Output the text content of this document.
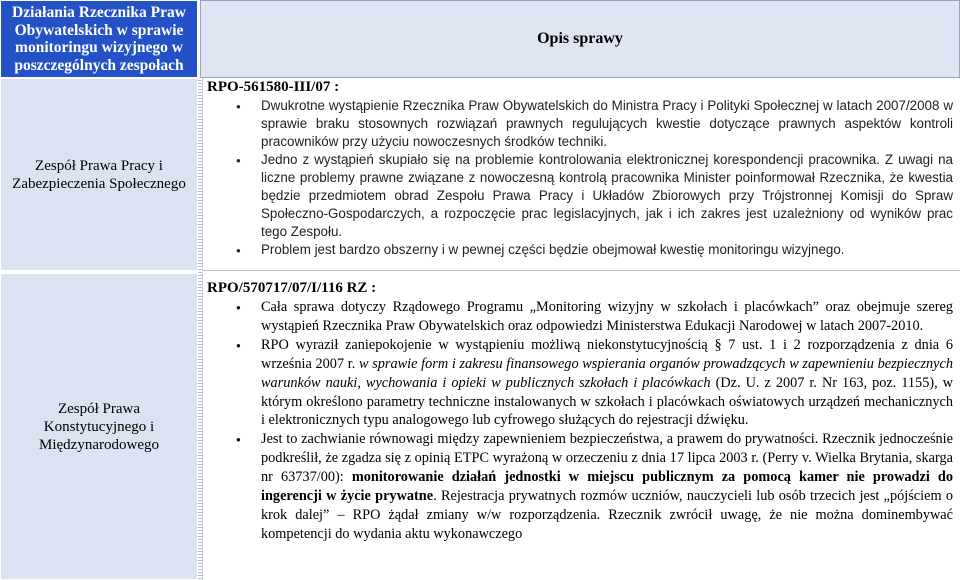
Działania Rzecznika Praw Obywatelskich w sprawie monitoringu wizyjnego w poszczególnych zespołach
Opis sprawy
Zespół Prawa Pracy i Zabezpieczenia Społecznego

RPO-561580-III/07 :

● Dwukrotne wystąpienie Rzecznika Praw Obywatelskich do Ministra Pracy i Polityki Społecznej w latach 2007/2008 w sprawie braku stosownych rozwiązań prawnych regulujących kwestie dotyczące prawnych aspektów kontroli pracowników przy użyciu nowoczesnych środków techniki.
● Jedno z wystąpień skupiało się na problemie kontrolowania elektronicznej korespondencji pracownika. Z uwagi na liczne problemy prawne związane z nowoczesną kontrolą pracownika Minister poinformował Rzecznika, że kwestia będzie przedmiotem obrad Zespołu Prawa Pracy i Układów Zbiorowych przy Trójstronnej Komisji do Spraw Społeczno-Gospodarczych, a rozpoczęcie prac legislacyjnych, jak i ich zakres jest uzależniony od wyników prac tego Zespołu.
● Problem jest bardzo obszerny i w pewnej części będzie obejmował kwestię monitoringu wizyjnego.
Zespół Prawa Konstytucyjnego i Międzynarodowego

RPO/570717/07/I/116 RZ :

● Cała sprawa dotyczy Rządowego Programu „Monitoring wizyjny w szkołach i placówkach” oraz obejmuje szereg wystąpień Rzecznika Praw Obywatelskich oraz odpowiedzi Ministerstwa Edukacji Narodowej w latach 2007-2010.
● RPO wyraził zaniepokojenie w wystąpieniu możliwą niekonstytucyjnością § 7 ust. 1 i 2 rozporządzenia z dnia 6 września 2007 r. w sprawie form i zakresu finansowego wspierania organów prowadzących w zapewnieniu bezpiecznych warunków nauki, wychowania i opieki w publicznych szkołach i placówkach (Dz. U. z 2007 r. Nr 163, poz. 1155), w którym określono parametry techniczne instalowanych w szkołach i placówkach oświatowych urządzeń mechanicznych i elektronicznych typu analogowego lub cyfrowego służących do rejestracji dźwięku.
● Jest to zachwianie równowagi między zapewnieniem bezpieczeństwa, a prawem do prywatności. Rzecznik jednocześnie podkreślił, że zgadza się z opinią ETPC wyrażoną w orzeczeniu z dnia 17 lipca 2003 r. (Perry v. Wielka Brytania, skarga nr 63737/00): monitorowanie działań jednostki w miejscu publicznym za pomocą kamer nie prowadzi do ingerencji w życie prywatne. Rejestracja prywatnych rozmów uczniów, nauczycieli lub osób trzecich jest „pójściem o krok dalej” – RPO żądał zmiany w/w rozporządzenia. Rzecznik zwrócił uwagę, że nie można dominembywać kompetencji do wydania aktu wykonawczego
